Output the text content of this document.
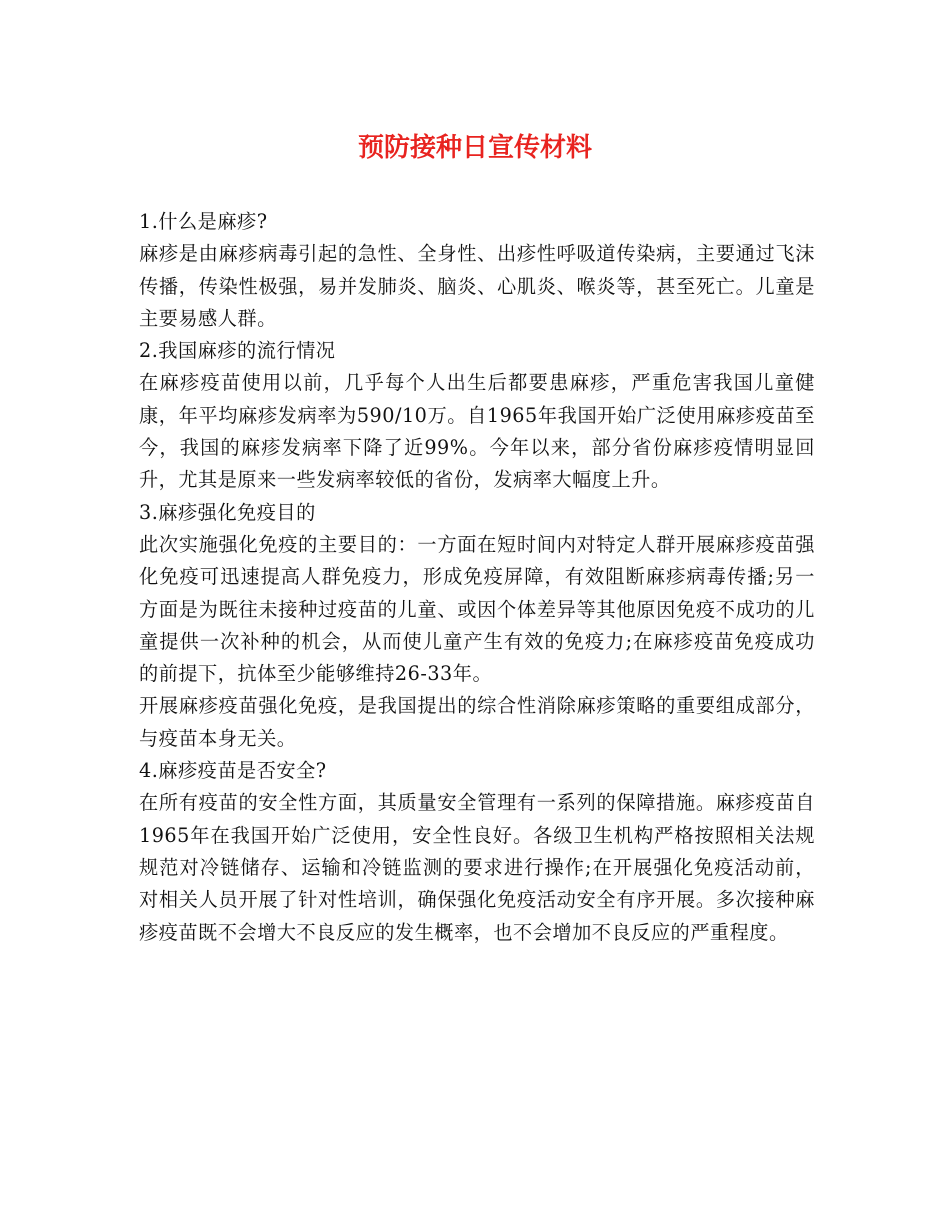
预防接种日宣传材料

1.什么是麻疹?

麻疹是由麻疹病毒引起的急性、全身性、出疹性呼吸道传染病，主要通过飞沫传播，传染性极强，易并发肺炎、脑炎、心肌炎、喉炎等，甚至死亡。儿童是主要易感人群。

2.我国麻疹的流行情况

在麻疹疫苗使用以前，几乎每个人出生后都要患麻疹，严重危害我国儿童健康，年平均麻疹发病率为590/10万。自1965年我国开始广泛使用麻疹疫苗至今，我国的麻疹发病率下降了近99%。今年以来，部分省份麻疹疫情明显回升，尤其是原来一些发病率较低的省份，发病率大幅度上升。

3.麻疹强化免疫目的

此次实施强化免疫的主要目的：一方面在短时间内对特定人群开展麻疹疫苗强化免疫可迅速提高人群免疫力，形成免疫屏障，有效阻断麻疹病毒传播;另一方面是为既往未接种过疫苗的儿童、或因个体差异等其他原因免疫不成功的儿童提供一次补种的机会，从而使儿童产生有效的免疫力;在麻疹疫苗免疫成功的前提下，抗体至少能够维持26-33年。

开展麻疹疫苗强化免疫，是我国提出的综合性消除麻疹策略的重要组成部分，与疫苗本身无关。

4.麻疹疫苗是否安全?

在所有疫苗的安全性方面，其质量安全管理有一系列的保障措施。麻疹疫苗自1965年在我国开始广泛使用，安全性良好。各级卫生机构严格按照相关法规规范对冷链储存、运输和冷链监测的要求进行操作;在开展强化免疫活动前，对相关人员开展了针对性培训，确保强化免疫活动安全有序开展。多次接种麻疹疫苗既不会增大不良反应的发生概率，也不会增加不良反应的严重程度。
